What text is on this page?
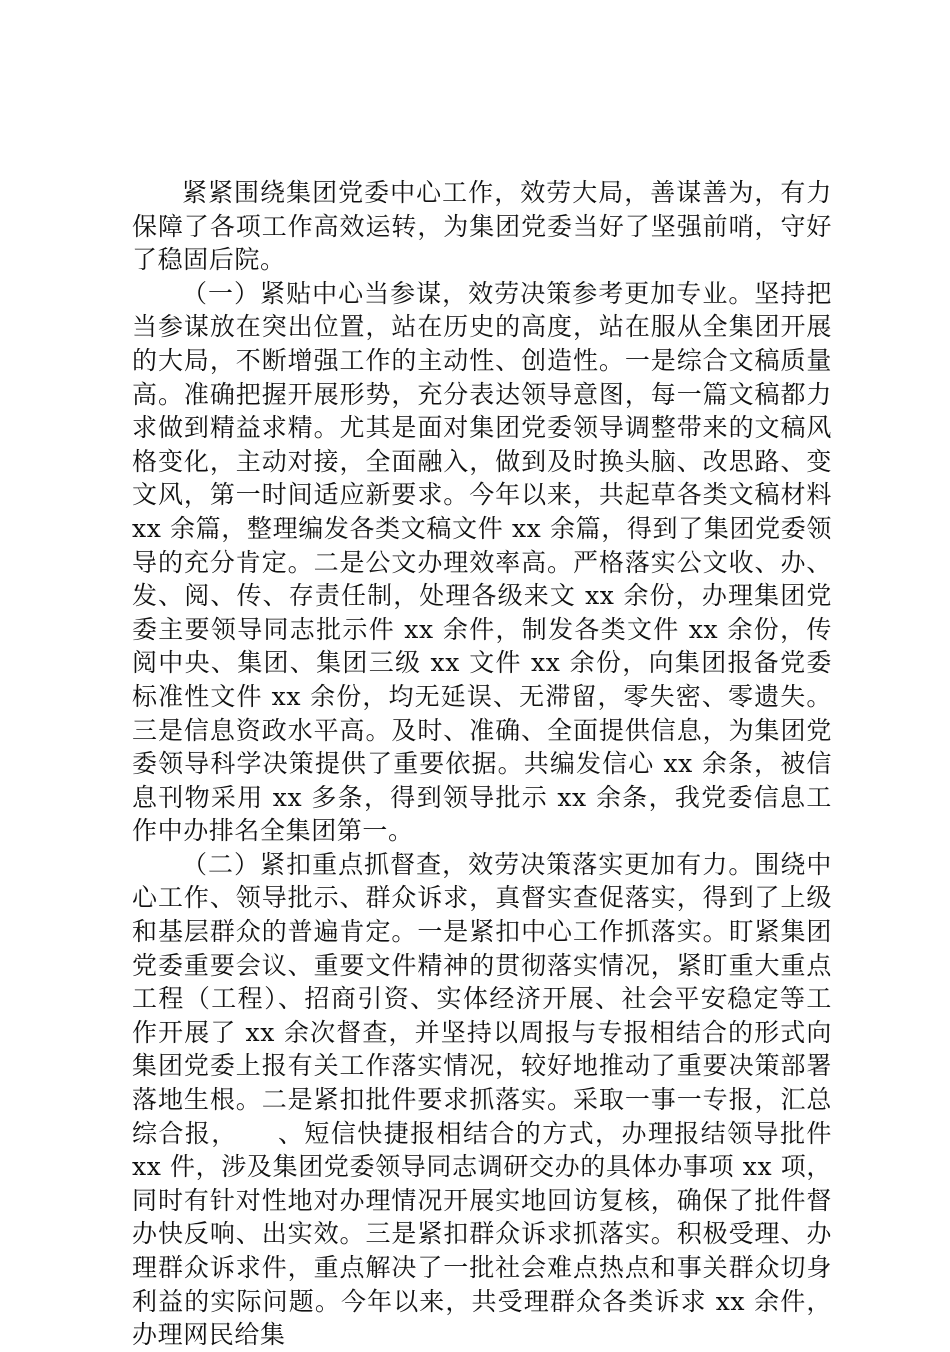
紧紧围绕集团党委中心工作，效劳大局，善谋善为，有力保障了各项工作高效运转，为集团党委当好了坚强前哨，守好了稳固后院。

（一）紧贴中心当参谋，效劳决策参考更加专业。坚持把当参谋放在突出位置，站在历史的高度，站在服从全集团开展的大局，不断增强工作的主动性、创造性。一是综合文稿质量高。准确把握开展形势，充分表达领导意图，每一篇文稿都力求做到精益求精。尤其是面对集团党委领导调整带来的文稿风格变化，主动对接，全面融入，做到及时换头脑、改思路、变文风，第一时间适应新要求。今年以来，共起草各类文稿材料 xx 余篇，整理编发各类文稿文件 xx 余篇，得到了集团党委领导的充分肯定。二是公文办理效率高。严格落实公文收、办、发、阅、传、存责任制，处理各级来文 xx 余份，办理集团党委主要领导同志批示件 xx 余件，制发各类文件 xx 余份，传阅中央、集团、集团三级 xx 文件 xx 余份，向集团报备党委标准性文件 xx 余份，均无延误、无滞留，零失密、零遗失。三是信息资政水平高。及时、准确、全面提供信息，为集团党委领导科学决策提供了重要依据。共编发信心 xx 余条，被信息刊物采用 xx 多条，得到领导批示 xx 余条，我党委信息工作中办排名全集团第一。

（二）紧扣重点抓督查，效劳决策落实更加有力。围绕中心工作、领导批示、群众诉求，真督实查促落实，得到了上级和基层群众的普遍肯定。一是紧扣中心工作抓落实。盯紧集团党委重要会议、重要文件精神的贯彻落实情况，紧盯重大重点工程（工程）、招商引资、实体经济开展、社会平安稳定等工作开展了 xx 余次督查，并坚持以周报与专报相结合的形式向集团党委上报有关工作落实情况，较好地推动了重要决策部署落地生根。二是紧扣批件要求抓落实。采取一事一专报，汇总综合报，　　、短信快捷报相结合的方式，办理报结领导批件 xx 件，涉及集团党委领导同志调研交办的具体办事项 xx 项，同时有针对性地对办理情况开展实地回访复核，确保了批件督办快反响、出实效。三是紧扣群众诉求抓落实。积极受理、办理群众诉求件，重点解决了一批社会难点热点和事关群众切身利益的实际问题。今年以来，共受理群众各类诉求 xx 余件，办理网民给集
